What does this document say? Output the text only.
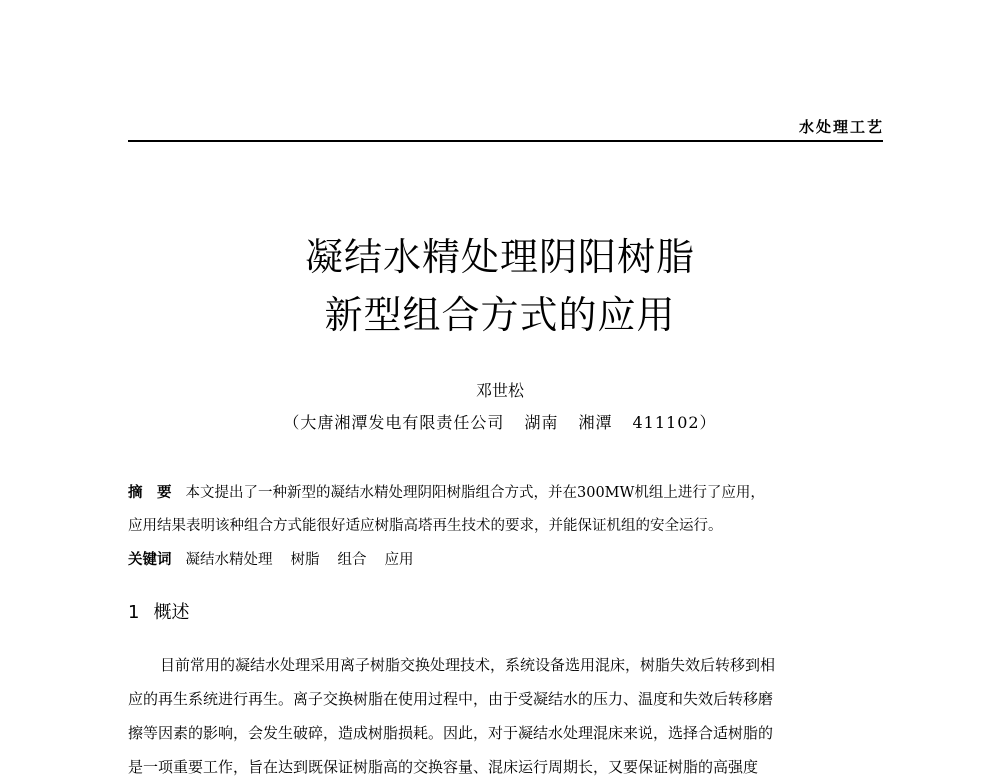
水处理工艺
凝结水精处理阴阳树脂
新型组合方式的应用
邓世松
（大唐湘潭发电有限责任公司 湖南 湘潭 411102）
摘　要 本文提出了一种新型的凝结水精处理阴阳树脂组合方式，并在300MW机组上进行了应用，
应用结果表明该种组合方式能很好适应树脂高塔再生技术的要求，并能保证机组的安全运行。
关键词 凝结水精处理 树脂 组合 应用
1 概述
目前常用的凝结水处理采用离子树脂交换处理技术，系统设备选用混床，树脂失效后转移到相
应的再生系统进行再生。离子交换树脂在使用过程中，由于受凝结水的压力、温度和失效后转移磨
擦等因素的影响，会发生破碎，造成树脂损耗。因此，对于凝结水处理混床来说，选择合适树脂的
是一项重要工作，旨在达到既保证树脂高的交换容量、混床运行周期长，又要保证树脂的高强度
